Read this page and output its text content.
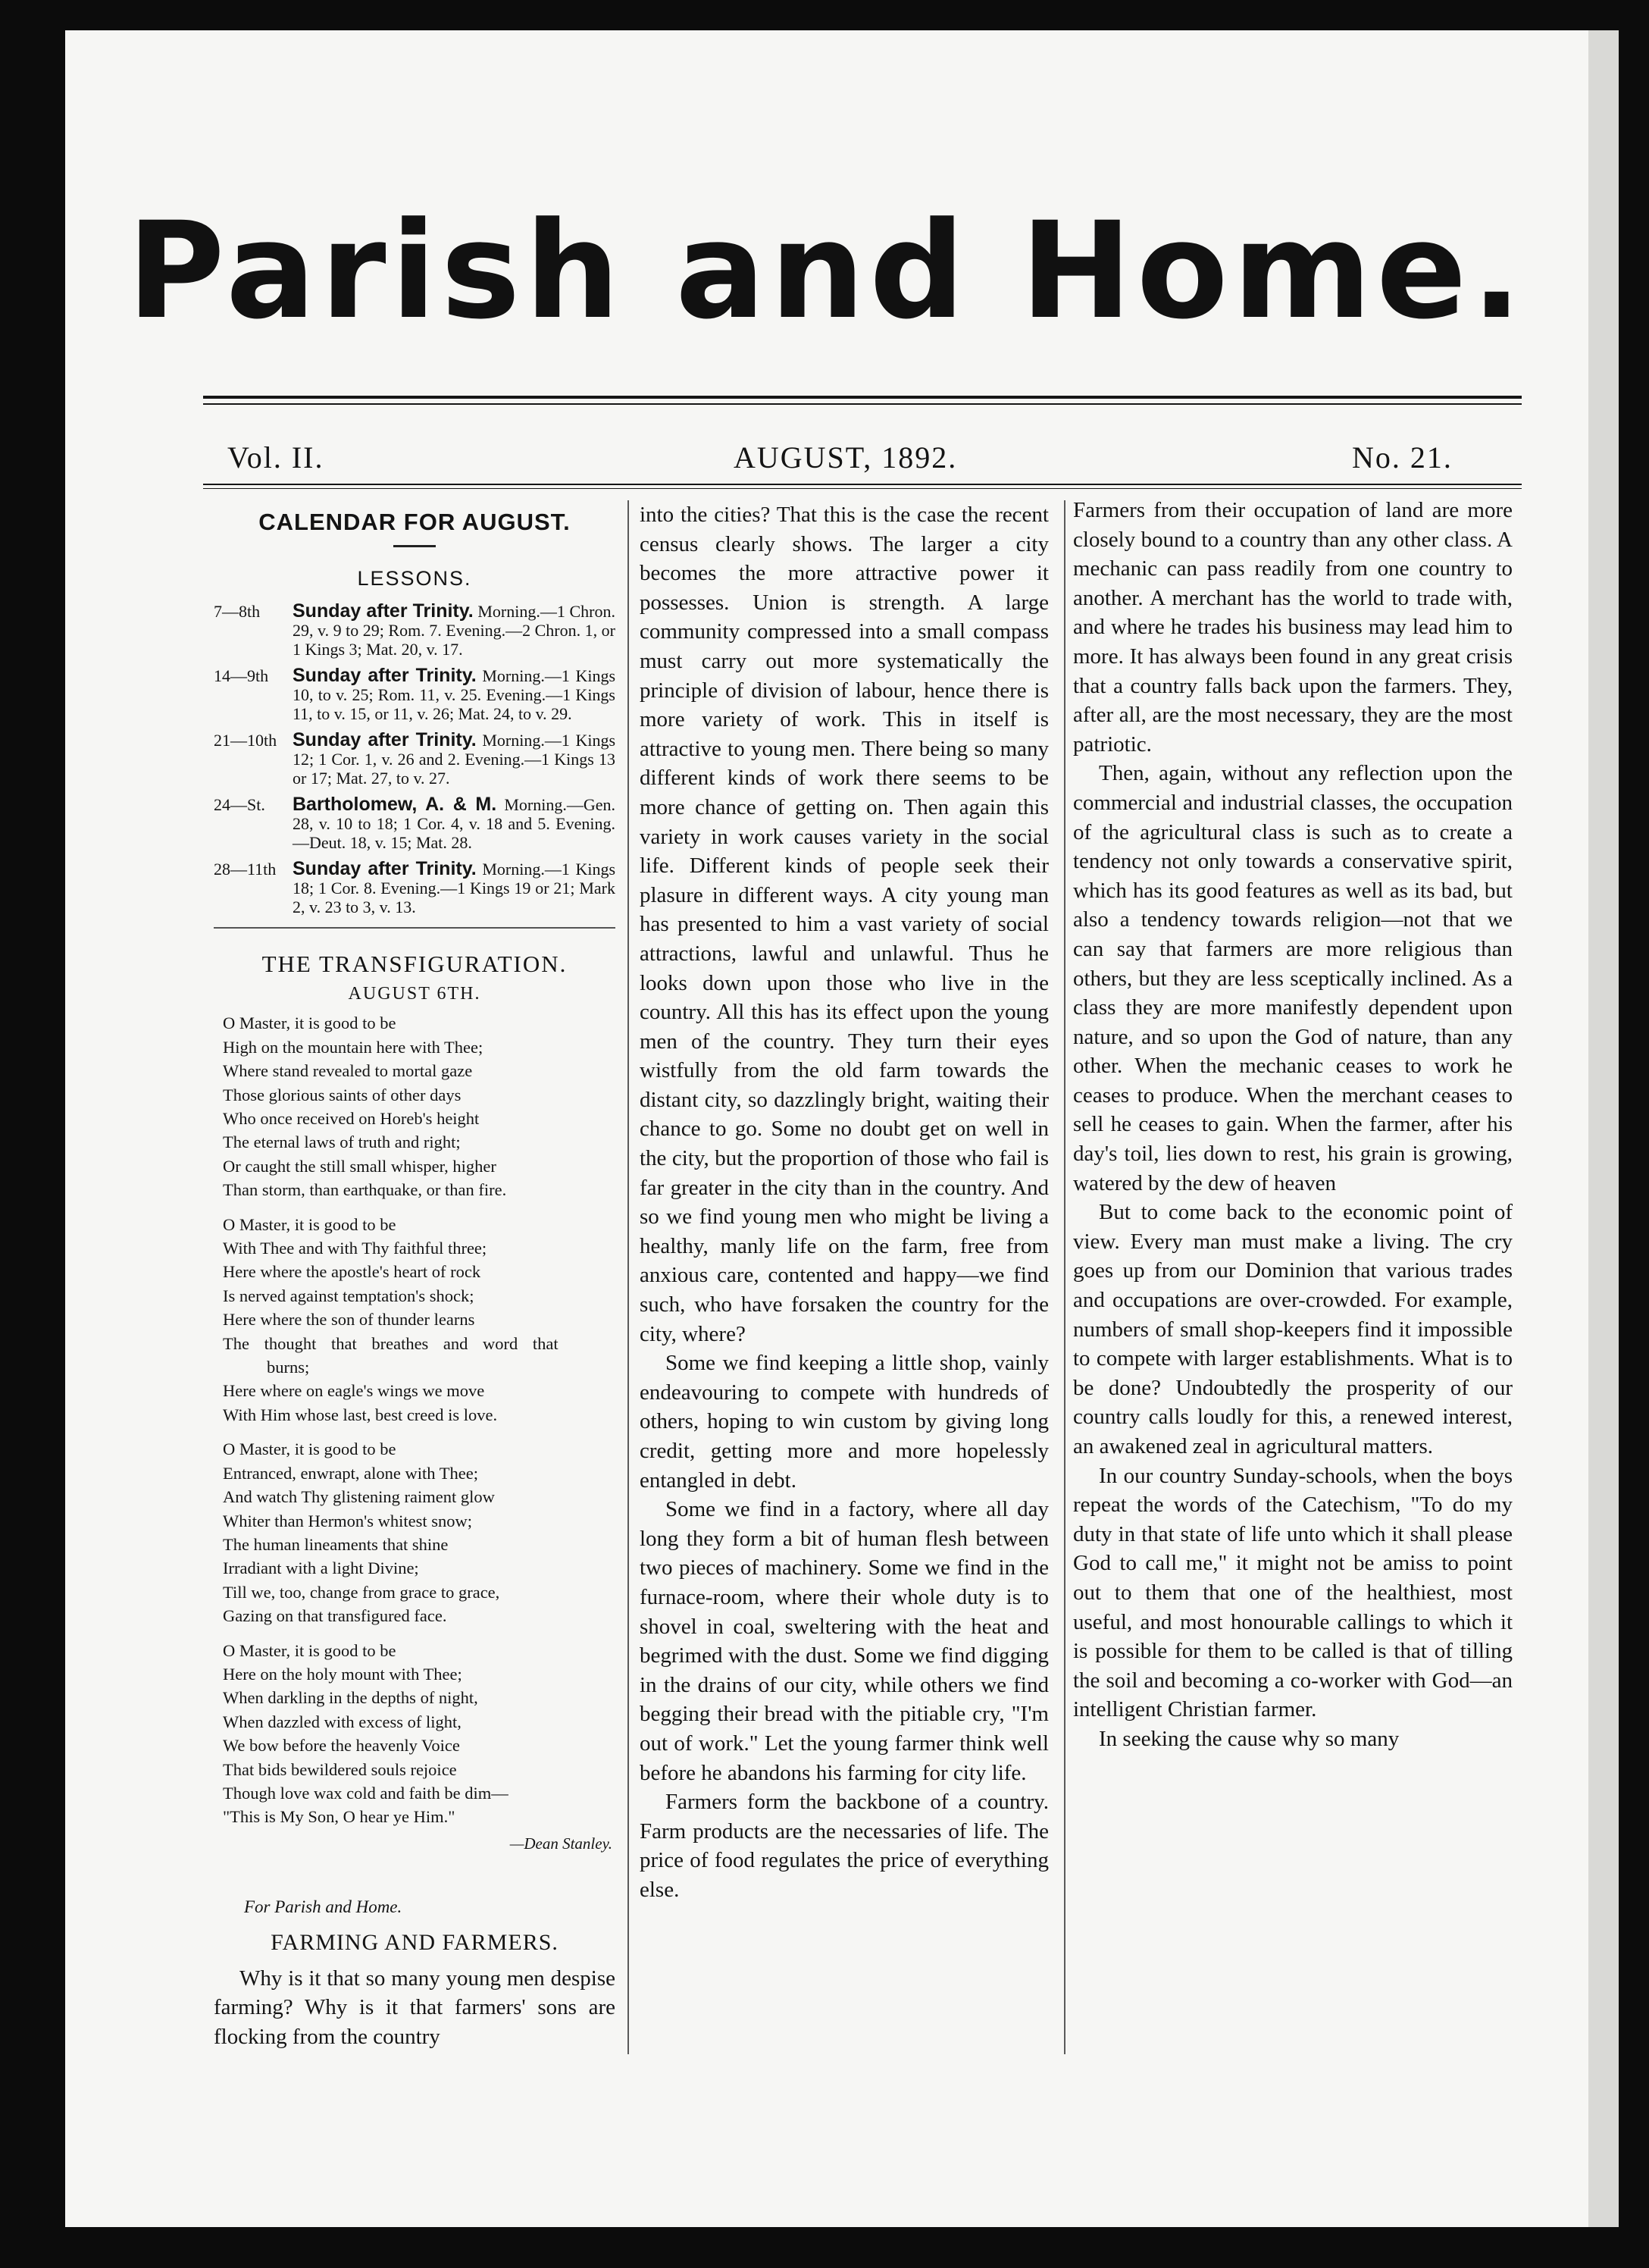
Parish and Home.
Vol. II.	AUGUST, 1892.	No. 21.
CALENDAR FOR AUGUST.
LESSONS.
7—8th Sunday after Trinity. Morning.—1 Chron. 29, v. 9 to 29; Rom. 7. Evening.—2 Chron. 1, or 1 Kings 3; Mat. 20, v. 17.
14—9th Sunday after Trinity. Morning.—1 Kings 10, to v. 25; Rom. 11, v. 25. Evening.—1 Kings 11, to v. 15, or 11, v. 26; Mat. 24, to v. 29.
21—10th Sunday after Trinity. Morning.—1 Kings 12; 1 Cor. 1, v. 26 and 2. Evening.—1 Kings 13 or 17; Mat. 27, to v. 27.
24—St. Bartholomew, A. & M. Morning.—Gen. 28, v. 10 to 18; 1 Cor. 4, v. 18 and 5. Evening.—Deut. 18, v. 15; Mat. 28.
28—11th Sunday after Trinity. Morning.—1 Kings 18; 1 Cor. 8. Evening.—1 Kings 19 or 21; Mark 2, v. 23 to 3, v. 13.
THE TRANSFIGURATION.
AUGUST 6TH.
O Master, it is good to be
High on the mountain here with Thee;
Where stand revealed to mortal gaze
Those glorious saints of other days
Who once received on Horeb's height
The eternal laws of truth and right;
Or caught the still small whisper, higher
Than storm, than earthquake, or than fire.
O Master, it is good to be
With Thee and with Thy faithful three;
Here where the apostle's heart of rock
Is nerved against temptation's shock;
Here where the son of thunder learns
The thought that breathes and word that
burns;
Here where on eagle's wings we move
With Him whose last, best creed is love.
O Master, it is good to be
Entranced, enwrapt, alone with Thee;
And watch Thy glistening raiment glow
Whiter than Hermon's whitest snow;
The human lineaments that shine
Irradiant with a light Divine;
Till we, too, change from grace to grace,
Gazing on that transfigured face.
O Master, it is good to be
Here on the holy mount with Thee;
When darkling in the depths of night,
When dazzled with excess of light,
We bow before the heavenly Voice
That bids bewildered souls rejoice
Though love wax cold and faith be dim—
"This is My Son, O hear ye Him."
—Dean Stanley.
For Parish and Home.
FARMING AND FARMERS.

Why is it that so many young men despise farming? Why is it that farmers' sons are flocking from the country

into the cities? That this is the case the recent census clearly shows. The larger a city becomes the more attractive power it possesses. Union is strength. A large community compressed into a small compass must carry out more systematically the principle of division of labour, hence there is more variety of work. This in itself is attractive to young men. There being so many different kinds of work there seems to be more chance of getting on. Then again this variety in work causes variety in the social life. Different kinds of people seek their plasure in different ways. A city young man has presented to him a vast variety of social attractions, lawful and unlawful. Thus he looks down upon those who live in the country. All this has its effect upon the young men of the country. They turn their eyes wistfully from the old farm towards the distant city, so dazzlingly bright, waiting their chance to go. Some no doubt get on well in the city, but the proportion of those who fail is far greater in the city than in the country. And so we find young men who might be living a healthy, manly life on the farm, free from anxious care, contented and happy—we find such, who have forsaken the country for the city, where?

Some we find keeping a little shop, vainly endeavouring to compete with hundreds of others, hoping to win custom by giving long credit, getting more and more hopelessly entangled in debt.

Some we find in a factory, where all day long they form a bit of human flesh between two pieces of machinery. Some we find in the furnace-room, where their whole duty is to shovel in coal, sweltering with the heat and begrimed with the dust. Some we find digging in the drains of our city, while others we find begging their bread with the pitiable cry, "I'm out of work." Let the young farmer think well before he abandons his farming for city life.

Farmers form the backbone of a country. Farm products are the necessaries of life. The price of food regulates the price of everything else.

Farmers from their occupation of land are more closely bound to a country than any other class. A mechanic can pass readily from one country to another. A merchant has the world to trade with, and where he trades his business may lead him to more. It has always been found in any great crisis that a country falls back upon the farmers. They, after all, are the most necessary, they are the most patriotic.

Then, again, without any reflection upon the commercial and industrial classes, the occupation of the agricultural class is such as to create a tendency not only towards a conservative spirit, which has its good features as well as its bad, but also a tendency towards religion—not that we can say that farmers are more religious than others, but they are less sceptically inclined. As a class they are more manifestly dependent upon nature, and so upon the God of nature, than any other. When the mechanic ceases to work he ceases to produce. When the merchant ceases to sell he ceases to gain. When the farmer, after his day's toil, lies down to rest, his grain is growing, watered by the dew of heaven

But to come back to the economic point of view. Every man must make a living. The cry goes up from our Dominion that various trades and occupations are over-crowded. For example, numbers of small shop-keepers find it impossible to compete with larger establishments. What is to be done? Undoubtedly the prosperity of our country calls loudly for this, a renewed interest, an awakened zeal in agricultural matters.

In our country Sunday-schools, when the boys repeat the words of the Catechism, "To do my duty in that state of life unto which it shall please God to call me," it might not be amiss to point out to them that one of the healthiest, most useful, and most honourable callings to which it is possible for them to be called is that of tilling the soil and becoming a co-worker with God—an intelligent Christian farmer.

In seeking the cause why so many
